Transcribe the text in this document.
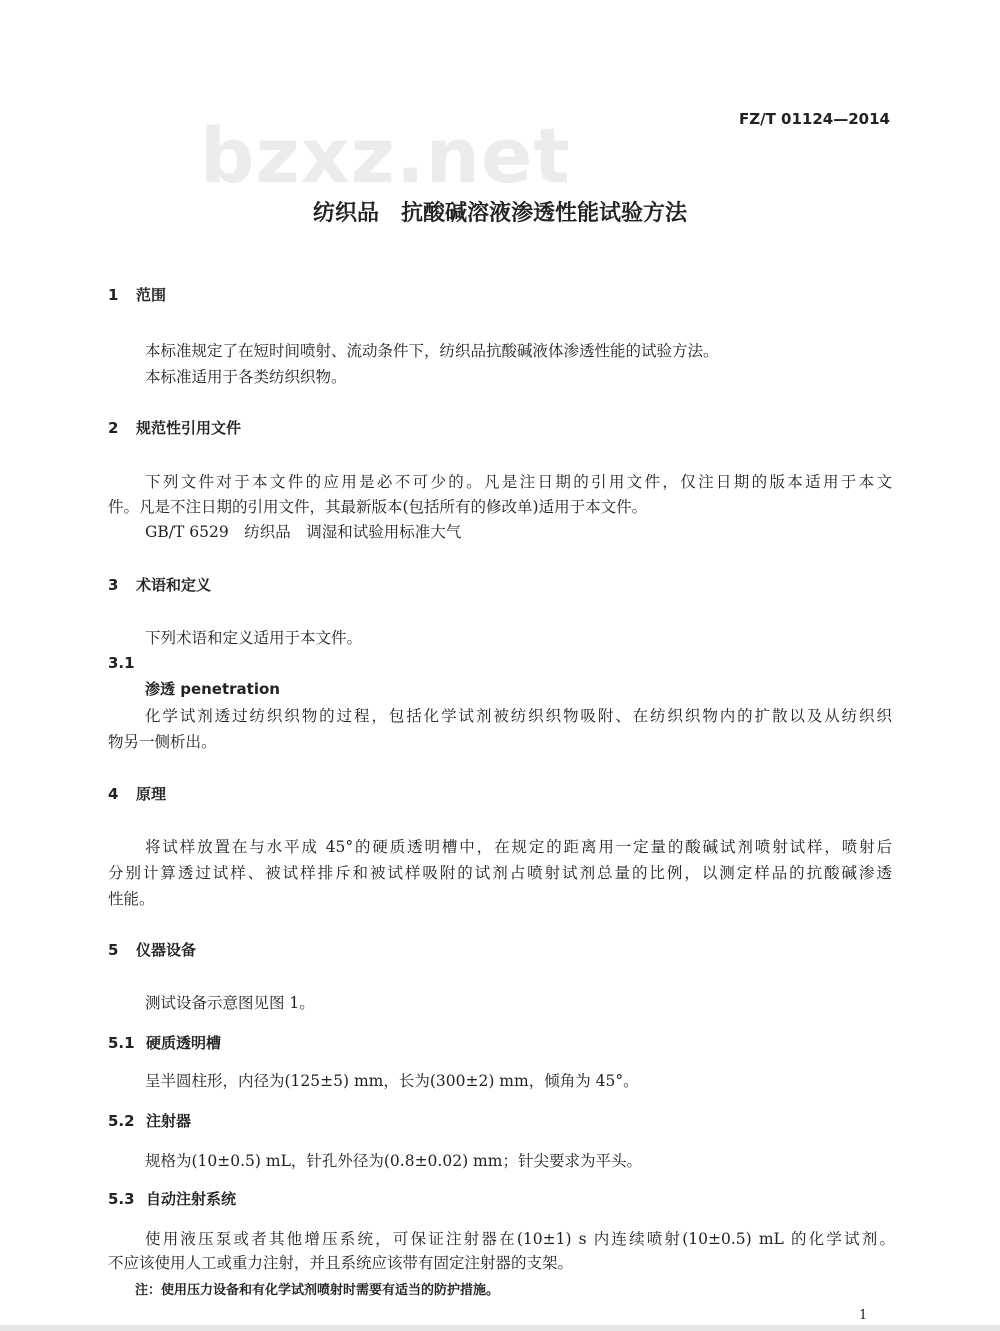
bzxz.net	FZ/T 01124—2014
纺织品　抗酸碱溶液渗透性能试验方法
1 范围
本标准规定了在短时间喷射、流动条件下，纺织品抗酸碱液体渗透性能的试验方法。
本标准适用于各类纺织织物。
2 规范性引用文件
下列文件对于本文件的应用是必不可少的。凡是注日期的引用文件，仅注日期的版本适用于本文
件。凡是不注日期的引用文件，其最新版本(包括所有的修改单)适用于本文件。
GB/T 6529　纺织品　调湿和试验用标准大气
3 术语和定义
下列术语和定义适用于本文件。
3.1
渗透 penetration
化学试剂透过纺织织物的过程，包括化学试剂被纺织织物吸附、在纺织织物内的扩散以及从纺织织
物另一侧析出。
4 原理
将试样放置在与水平成 45°的硬质透明槽中，在规定的距离用一定量的酸碱试剂喷射试样，喷射后
分别计算透过试样、被试样排斥和被试样吸附的试剂占喷射试剂总量的比例，以测定样品的抗酸碱渗透
性能。
5 仪器设备
测试设备示意图见图 1。
5.1 硬质透明槽
呈半圆柱形，内径为(125±5) mm，长为(300±2) mm，倾角为 45°。
5.2 注射器
规格为(10±0.5) mL，针孔外径为(0.8±0.02) mm；针尖要求为平头。
5.3 自动注射系统
使用液压泵或者其他增压系统，可保证注射器在(10±1) s 内连续喷射(10±0.5) mL 的化学试剂。
不应该使用人工或重力注射，并且系统应该带有固定注射器的支架。
注：使用压力设备和有化学试剂喷射时需要有适当的防护措施。
1
